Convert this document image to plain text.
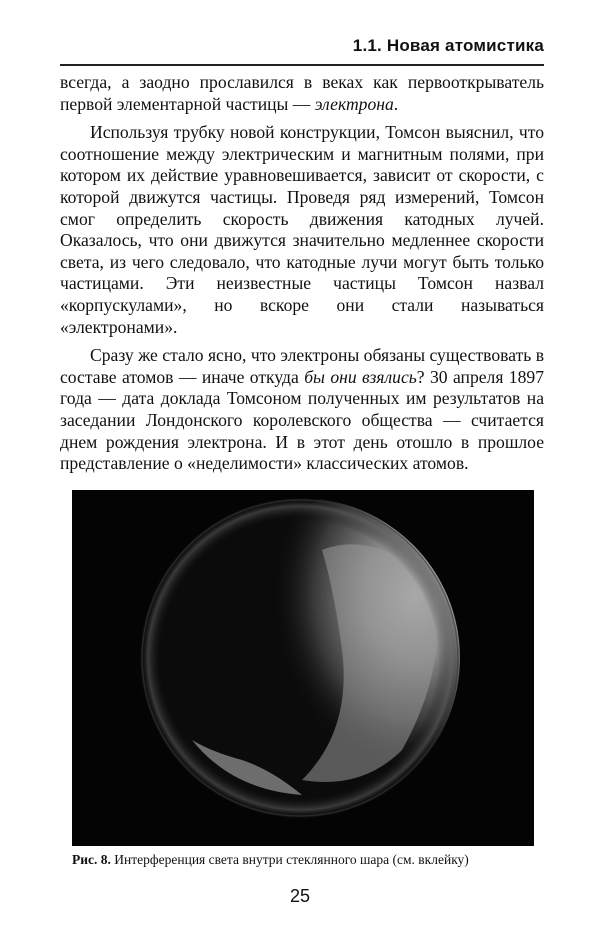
1.1. Новая атомистика

всегда, а заодно прославился в веках как первооткрыватель первой элементарной частицы — электрона.

Используя трубку новой конструкции, Томсон выяснил, что соотношение между электрическим и магнитным полями, при котором их действие уравновешивается, зависит от скорости, с которой движутся частицы. Проведя ряд измерений, Томсон смог определить скорость движения катодных лучей. Оказалось, что они движутся значительно медленнее скорости света, из чего следовало, что катодные лучи могут быть только частицами. Эти неизвестные частицы Томсон назвал «корпускулами», но вскоре они стали называться «электронами».

Сразу же стало ясно, что электроны обязаны существовать в составе атомов — иначе откуда бы они взялись? 30 апреля 1897 года — дата доклада Томсоном полученных им результатов на заседании Лондонского королевского общества — считается днем рождения электрона. И в этот день отошло в прошлое представление о «неделимости» классических атомов.

Рис. 8. Интерференция света внутри стеклянного шара (см. вклейку)
25
